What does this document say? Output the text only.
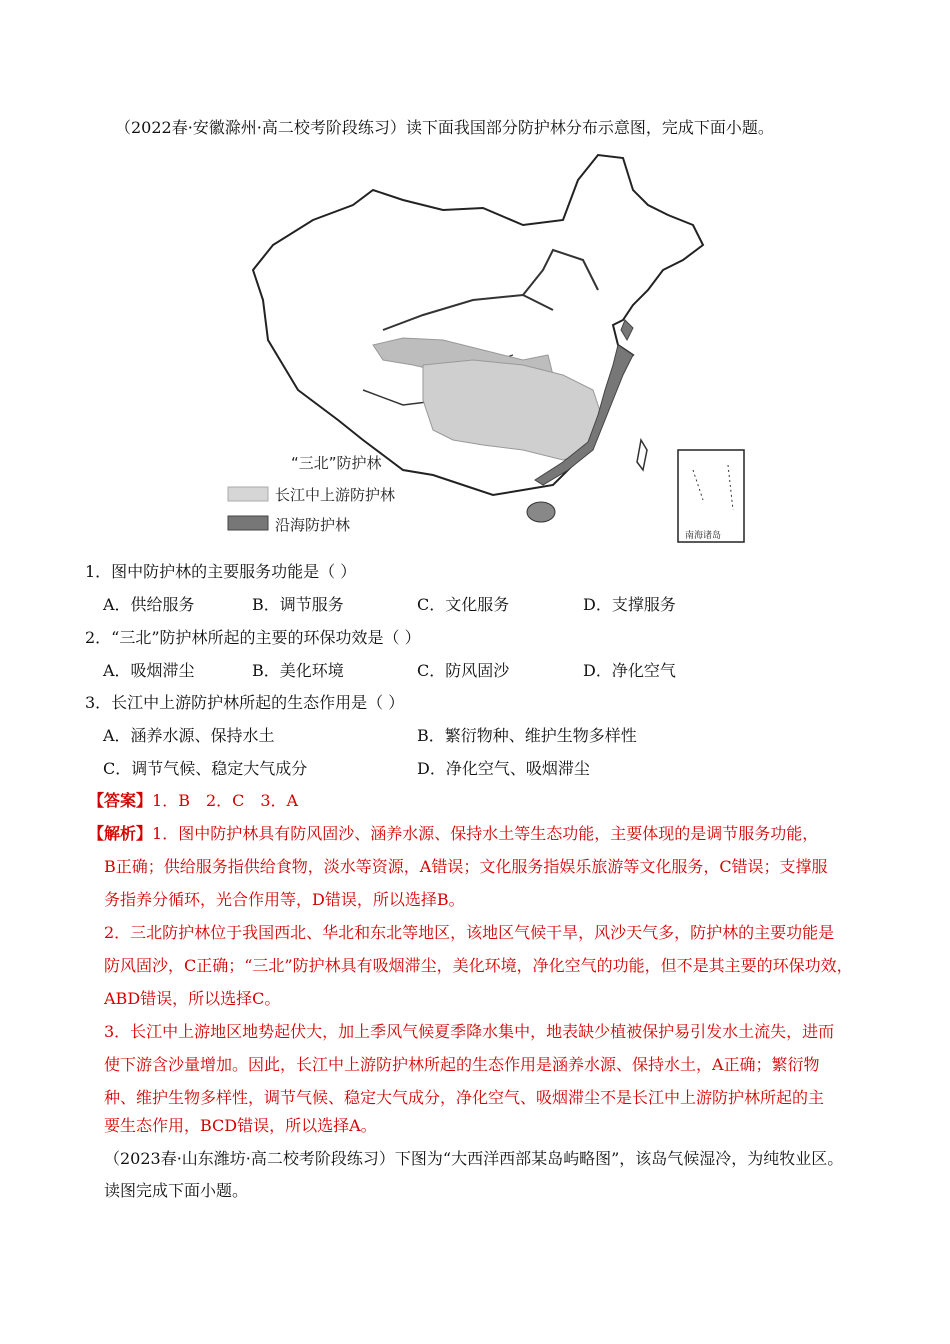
（2022春·安徽滁州·高二校考阶段练习）读下面我国部分防护林分布示意图，完成下面小题。
“三北”防护林
长江中上游防护林
沿海防护林
南海诸岛
1．图中防护林的主要服务功能是（ ）
A．供给服务	B．调节服务	C．文化服务	D．支撑服务
2．“三北”防护林所起的主要的环保功效是（ ）
A．吸烟滞尘	B．美化环境	C．防风固沙	D．净化空气
3．长江中上游防护林所起的生态作用是（ ）
A．涵养水源、保持水土	B．繁衍物种、维护生物多样性
C．调节气候、稳定大气成分	D．净化空气、吸烟滞尘
【答案】1．B　2．C　3．A
【解析】1．图中防护林具有防风固沙、涵养水源、保持水土等生态功能，主要体现的是调节服务功能，
B正确；供给服务指供给食物，淡水等资源，A错误；文化服务指娱乐旅游等文化服务，C错误；支撑服
务指养分循环，光合作用等，D错误，所以选择B。
2．三北防护林位于我国西北、华北和东北等地区，该地区气候干旱，风沙天气多，防护林的主要功能是
防风固沙，C正确；“三北”防护林具有吸烟滞尘，美化环境，净化空气的功能，但不是其主要的环保功效，
ABD错误，所以选择C。
3．长江中上游地区地势起伏大，加上季风气候夏季降水集中，地表缺少植被保护易引发水土流失，进而
使下游含沙量增加。因此，长江中上游防护林所起的生态作用是涵养水源、保持水土，A正确；繁衍物
种、维护生物多样性，调节气候、稳定大气成分，净化空气、吸烟滞尘不是长江中上游防护林所起的主
要生态作用，BCD错误，所以选择A。
（2023春·山东潍坊·高二校考阶段练习）下图为“大西洋西部某岛屿略图”，该岛气候湿冷，为纯牧业区。
读图完成下面小题。
